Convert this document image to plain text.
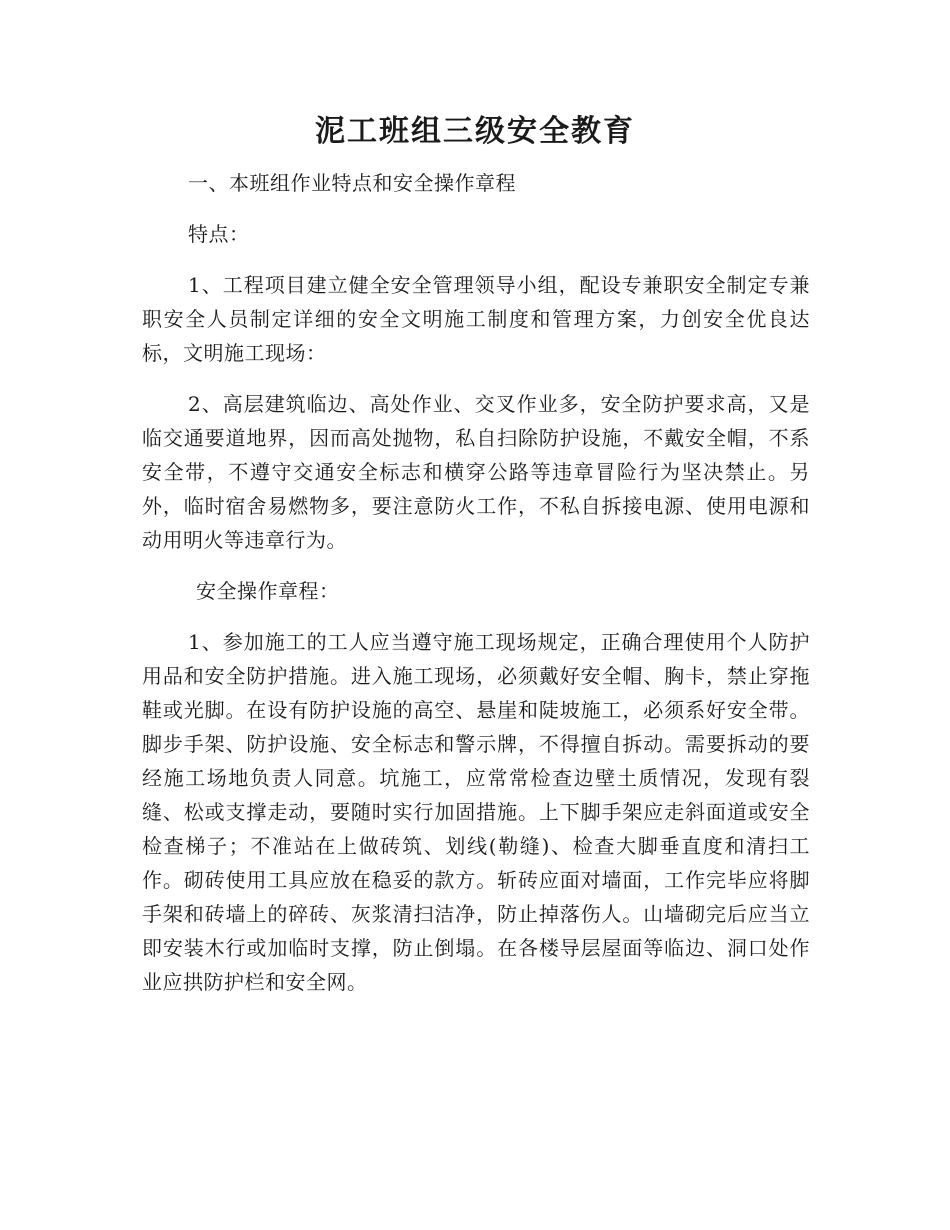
泥工班组三级安全教育

一、本班组作业特点和安全操作章程

特点：

1、工程项目建立健全安全管理领导小组，配设专兼职安全制定专兼职安全人员制定详细的安全文明施工制度和管理方案，力创安全优良达标，文明施工现场：

2、高层建筑临边、高处作业、交叉作业多，安全防护要求高，又是临交通要道地界，因而高处抛物，私自扫除防护设施，不戴安全帽，不系安全带，不遵守交通安全标志和横穿公路等违章冒险行为坚决禁止。另外，临时宿舍易燃物多，要注意防火工作，不私自拆接电源、使用电源和动用明火等违章行为。

安全操作章程：

1、参加施工的工人应当遵守施工现场规定，正确合理使用个人防护用品和安全防护措施。进入施工现场，必须戴好安全帽、胸卡，禁止穿拖鞋或光脚。在设有防护设施的高空、悬崖和陡坡施工，必须系好安全带。脚步手架、防护设施、安全标志和警示牌，不得擅自拆动。需要拆动的要经施工场地负责人同意。坑施工，应常常检查边壁土质情况，发现有裂缝、松或支撑走动，要随时实行加固措施。上下脚手架应走斜面道或安全检查梯子；不准站在上做砖筑、划线(勒缝)、检查大脚垂直度和清扫工作。砌砖使用工具应放在稳妥的款方。斩砖应面对墙面，工作完毕应将脚手架和砖墙上的碎砖、灰浆清扫洁净，防止掉落伤人。山墙砌完后应当立即安装木行或加临时支撑，防止倒塌。在各楼导层屋面等临边、洞口处作业应拱防护栏和安全网。
